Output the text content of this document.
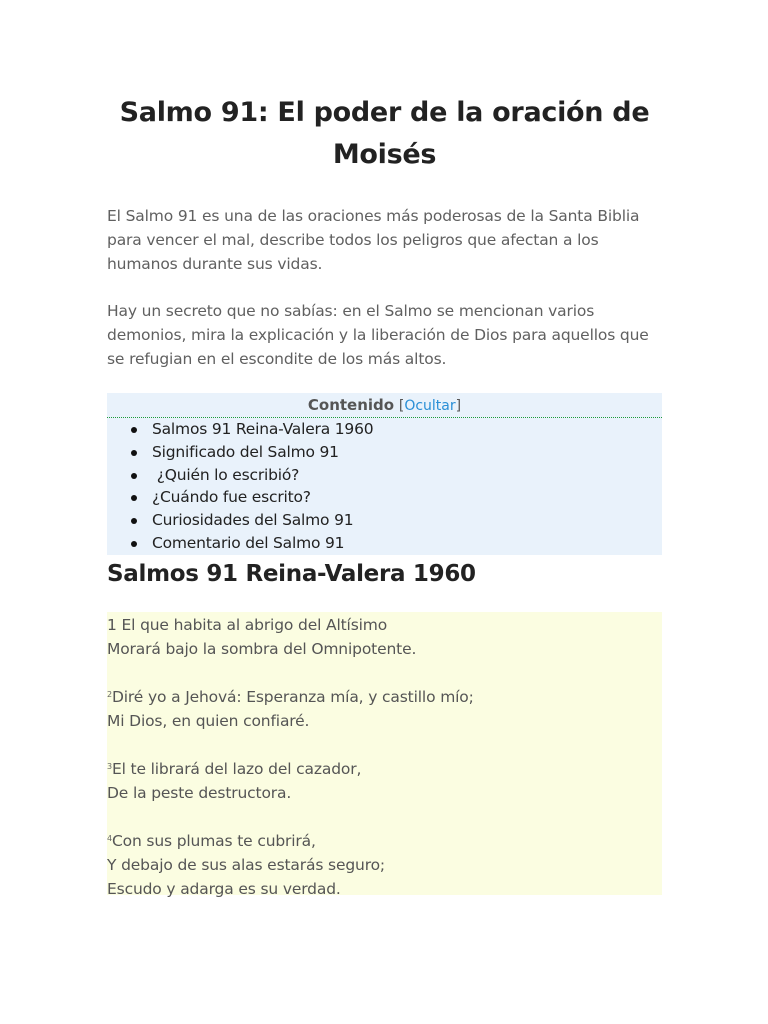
Salmo 91: El poder de la oración de Moisés

El Salmo 91 es una de las oraciones más poderosas de la Santa Biblia para vencer el mal, describe todos los peligros que afectan a los humanos durante sus vidas.

Hay un secreto que no sabías: en el Salmo se mencionan varios demonios, mira la explicación y la liberación de Dios para aquellos que se refugian en el escondite de los más altos.

Contenido [Ocultar]
Salmos 91 Reina-Valera 1960
Significado del Salmo 91
¿Quién lo escribió?
¿Cuándo fue escrito?
Curiosidades del Salmo 91
Comentario del Salmo 91
Salmos 91 Reina-Valera 1960
1 El que habita al abrigo del Altísimo
Morará bajo la sombra del Omnipotente.
$^2$Diré yo a Jehová: Esperanza mía, y castillo mío;
Mi Dios, en quien confiaré.
$^3$El te librará del lazo del cazador,
De la peste destructora.
$^4$Con sus plumas te cubrirá,
Y debajo de sus alas estarás seguro;
Escudo y adarga es su verdad.
